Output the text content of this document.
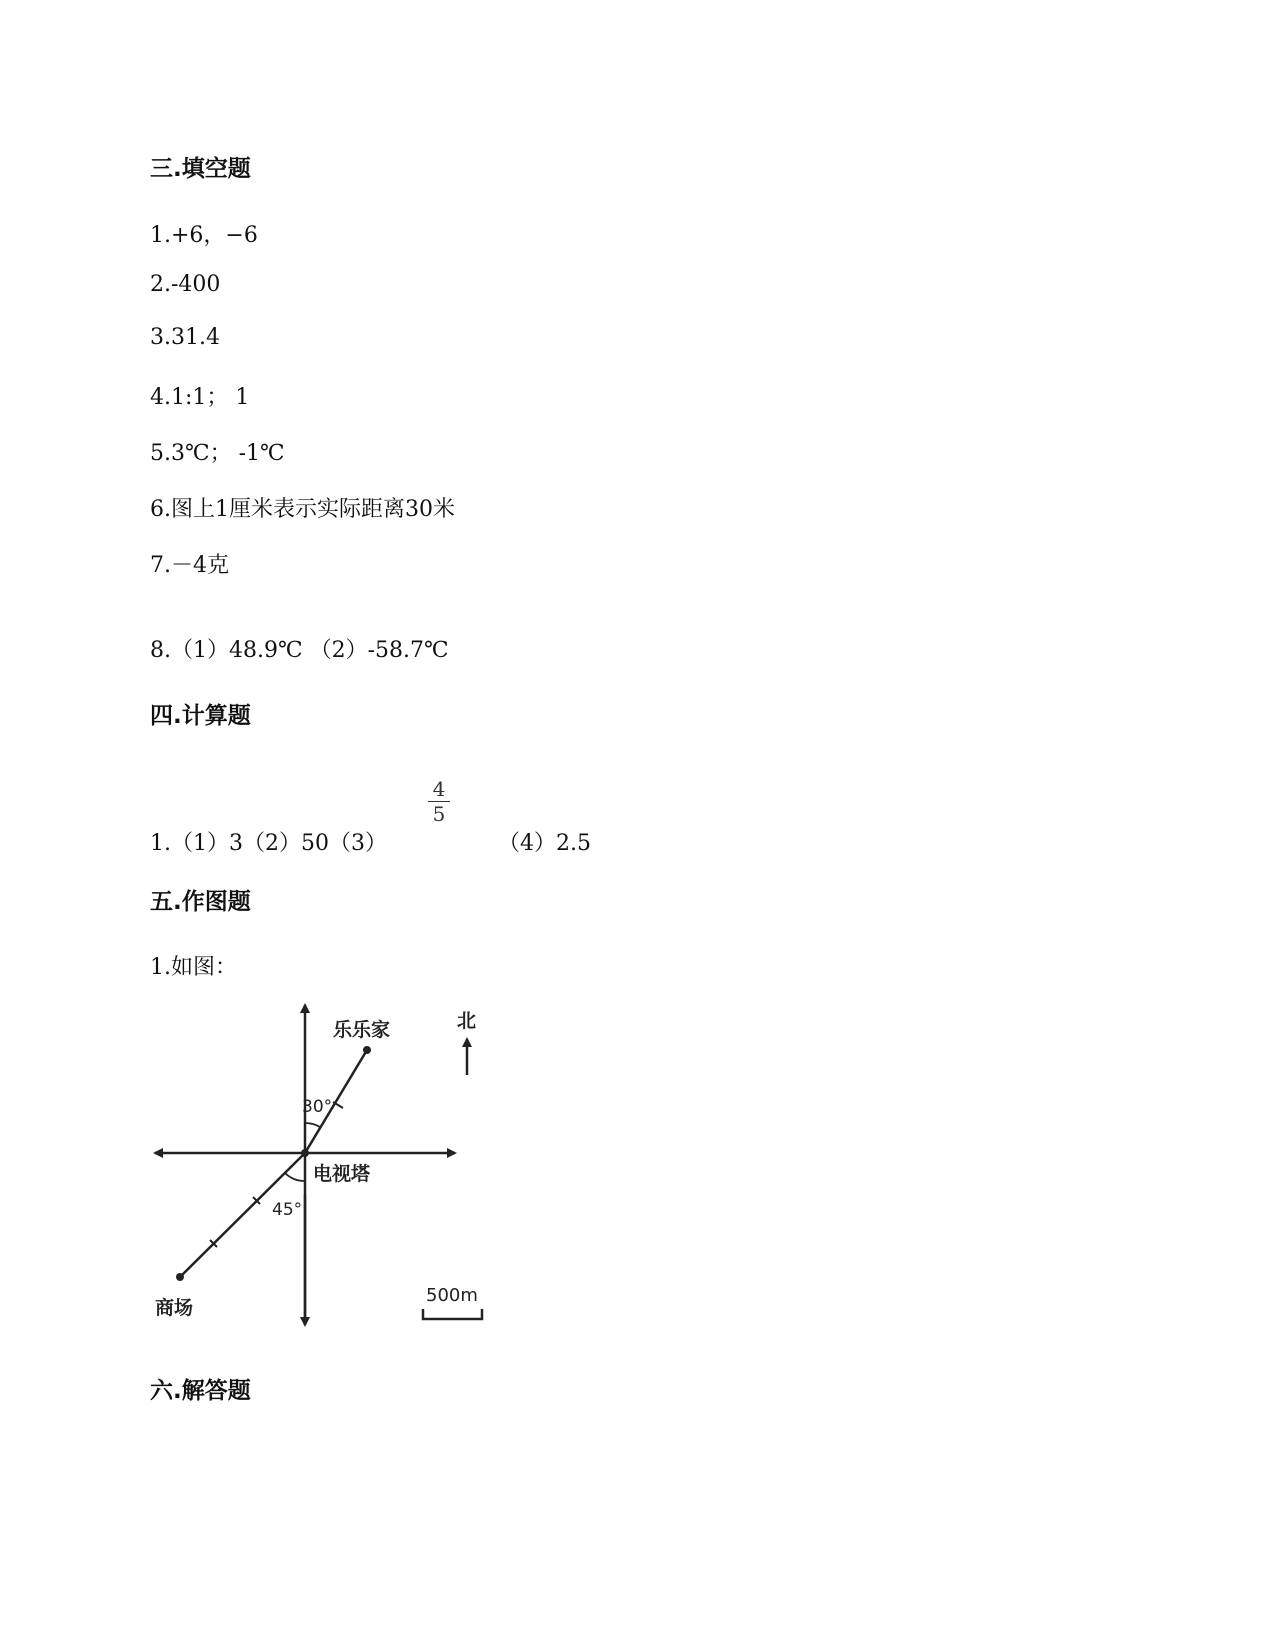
三.填空题
1.+6，−6
2.-400
3.31.4
4.1:1； 1
5.3℃； -1℃
6.图上1厘米表示实际距离30米
7.－4克
8.（1）48.9℃ （2）-58.7℃
四.计算题
1.（1）3（2）50（3）
4
5
（4）2.5
五.作图题
1.如图：
乐乐家
电视塔
商场
30°
45°
北
500m
六.解答题
